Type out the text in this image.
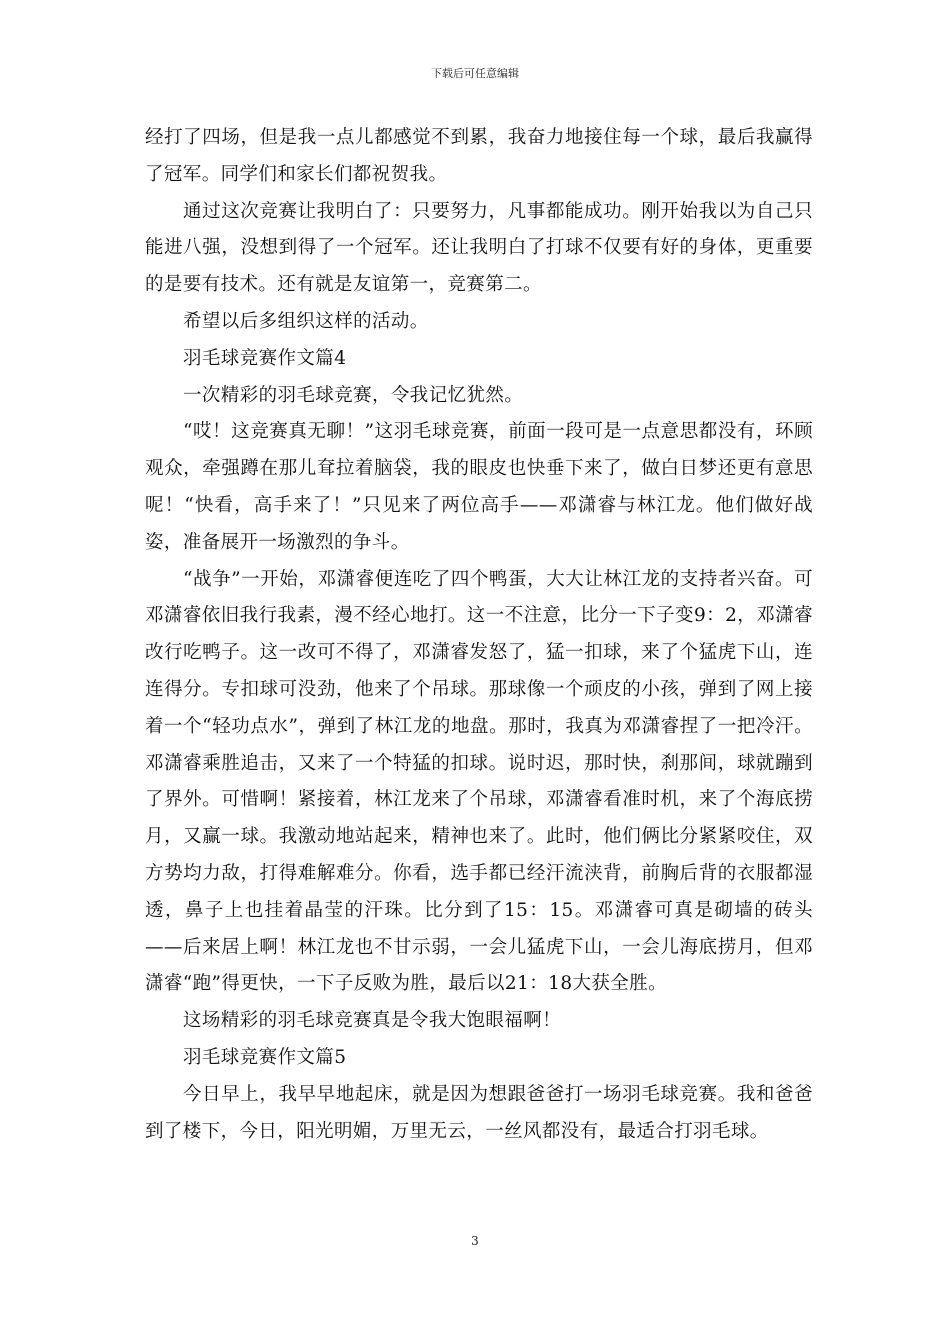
下载后可任意编辑

经打了四场，但是我一点儿都感觉不到累，我奋力地接住每一个球，最后我赢得了冠军。同学们和家长们都祝贺我。

通过这次竞赛让我明白了：只要努力，凡事都能成功。刚开始我以为自己只能进八强，没想到得了一个冠军。还让我明白了打球不仅要有好的身体，更重要的是要有技术。还有就是友谊第一，竞赛第二。

希望以后多组织这样的活动。

羽毛球竞赛作文篇4

一次精彩的羽毛球竞赛，令我记忆犹然。

“哎！这竞赛真无聊！”这羽毛球竞赛，前面一段可是一点意思都没有，环顾观众，牵强蹲在那儿耷拉着脑袋，我的眼皮也快垂下来了，做白日梦还更有意思呢！“快看，高手来了！”只见来了两位高手——邓潇睿与林江龙。他们做好战姿，准备展开一场激烈的争斗。

“战争”一开始，邓潇睿便连吃了四个鸭蛋，大大让林江龙的支持者兴奋。可邓潇睿依旧我行我素，漫不经心地打。这一不注意，比分一下子变9：2，邓潇睿改行吃鸭子。这一改可不得了，邓潇睿发怒了，猛一扣球，来了个猛虎下山，连连得分。专扣球可没劲，他来了个吊球。那球像一个顽皮的小孩，弹到了网上接着一个“轻功点水”，弹到了林江龙的地盘。那时，我真为邓潇睿捏了一把冷汗。邓潇睿乘胜追击，又来了一个特猛的扣球。说时迟，那时快，刹那间，球就蹦到了界外。可惜啊！紧接着，林江龙来了个吊球，邓潇睿看准时机，来了个海底捞月，又赢一球。我激动地站起来，精神也来了。此时，他们俩比分紧紧咬住，双方势均力敌，打得难解难分。你看，选手都已经汗流浃背，前胸后背的衣服都湿透，鼻子上也挂着晶莹的汗珠。比分到了15：15。邓潇睿可真是砌墙的砖头——后来居上啊！林江龙也不甘示弱，一会儿猛虎下山，一会儿海底捞月，但邓潇睿“跑”得更快，一下子反败为胜，最后以21：18大获全胜。

这场精彩的羽毛球竞赛真是令我大饱眼福啊！

羽毛球竞赛作文篇5

今日早上，我早早地起床，就是因为想跟爸爸打一场羽毛球竞赛。我和爸爸到了楼下，今日，阳光明媚，万里无云，一丝风都没有，最适合打羽毛球。

3
